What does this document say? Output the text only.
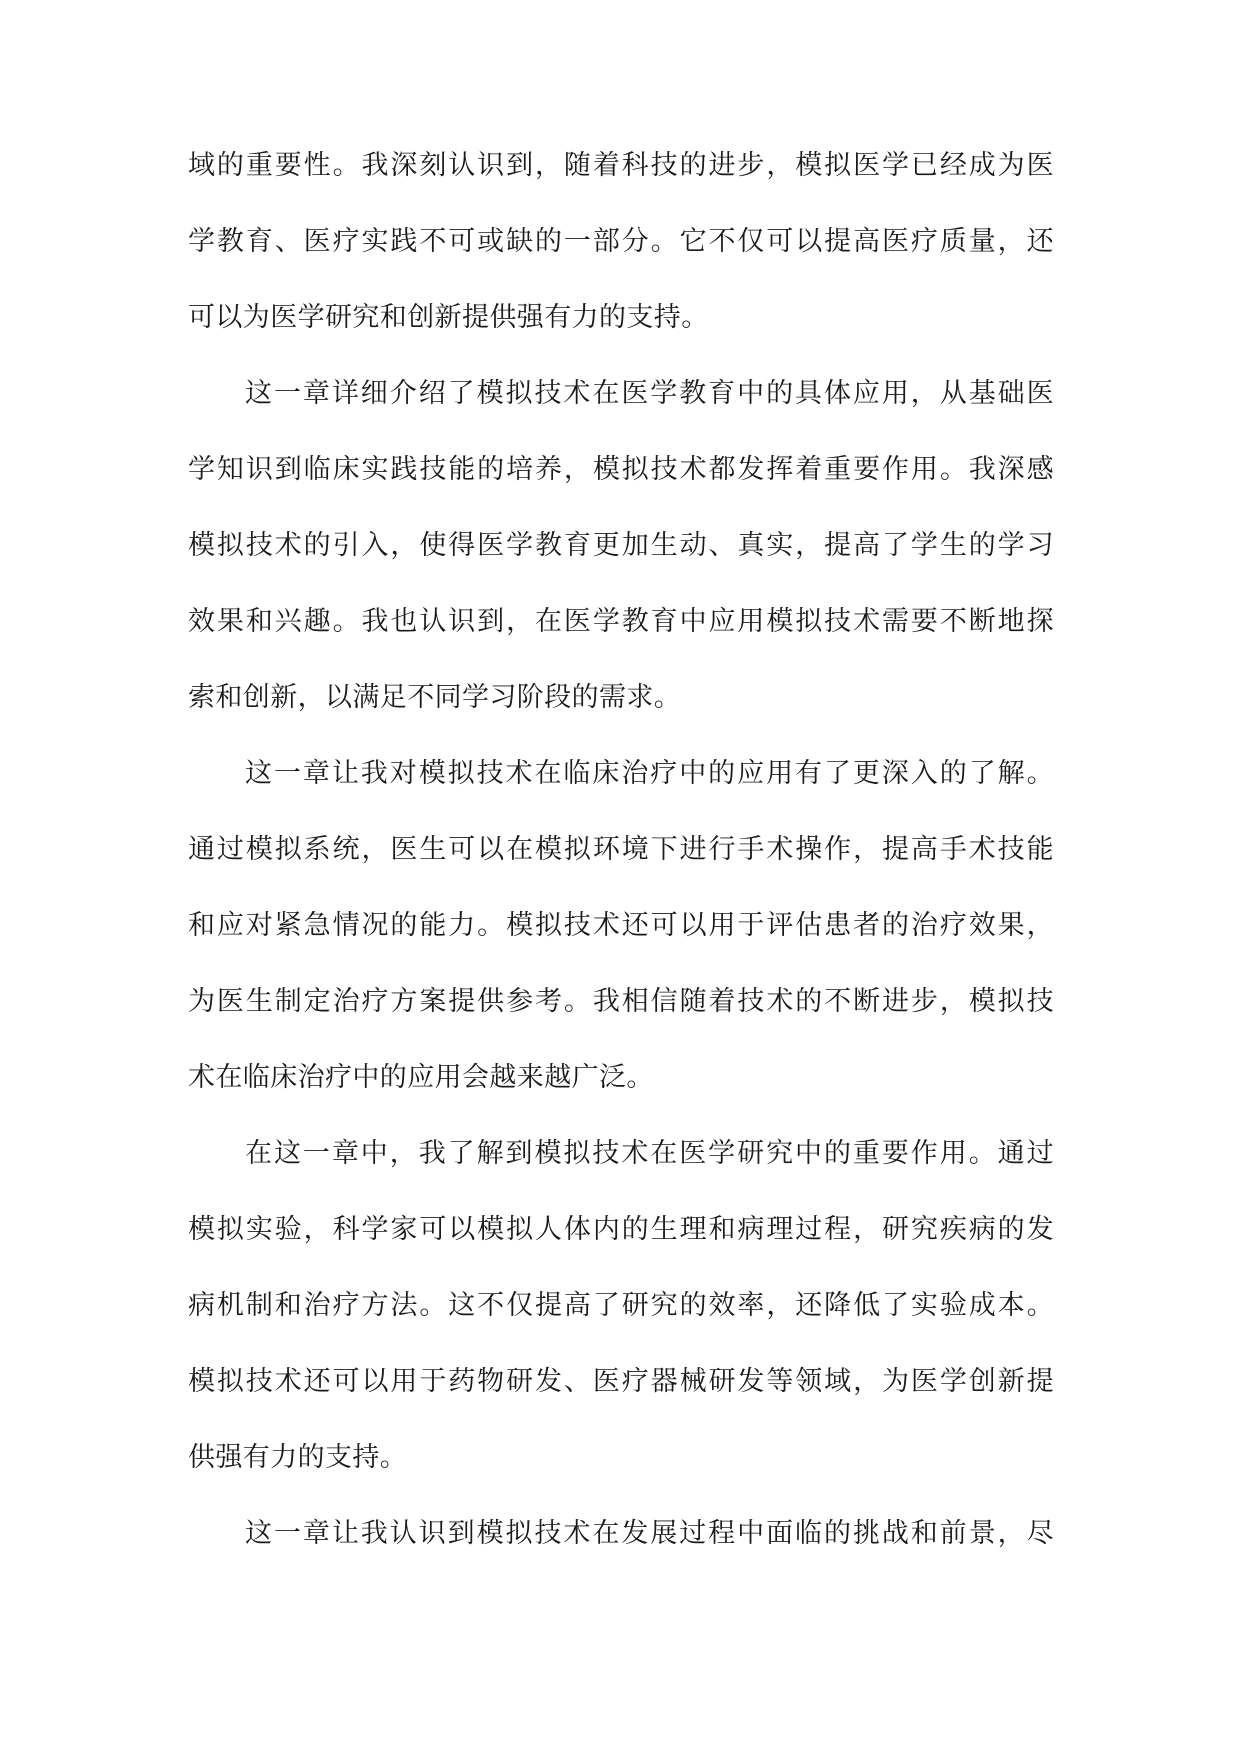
域的重要性。我深刻认识到，随着科技的进步，模拟医学已经成为医
学教育、医疗实践不可或缺的一部分。它不仅可以提高医疗质量，还
可以为医学研究和创新提供强有力的支持。
这一章详细介绍了模拟技术在医学教育中的具体应用，从基础医
学知识到临床实践技能的培养，模拟技术都发挥着重要作用。我深感
模拟技术的引入，使得医学教育更加生动、真实，提高了学生的学习
效果和兴趣。我也认识到，在医学教育中应用模拟技术需要不断地探
索和创新，以满足不同学习阶段的需求。
这一章让我对模拟技术在临床治疗中的应用有了更深入的了解。
通过模拟系统，医生可以在模拟环境下进行手术操作，提高手术技能
和应对紧急情况的能力。模拟技术还可以用于评估患者的治疗效果，
为医生制定治疗方案提供参考。我相信随着技术的不断进步，模拟技
术在临床治疗中的应用会越来越广泛。
在这一章中，我了解到模拟技术在医学研究中的重要作用。通过
模拟实验，科学家可以模拟人体内的生理和病理过程，研究疾病的发
病机制和治疗方法。这不仅提高了研究的效率，还降低了实验成本。
模拟技术还可以用于药物研发、医疗器械研发等领域，为医学创新提
供强有力的支持。
这一章让我认识到模拟技术在发展过程中面临的挑战和前景，尽
